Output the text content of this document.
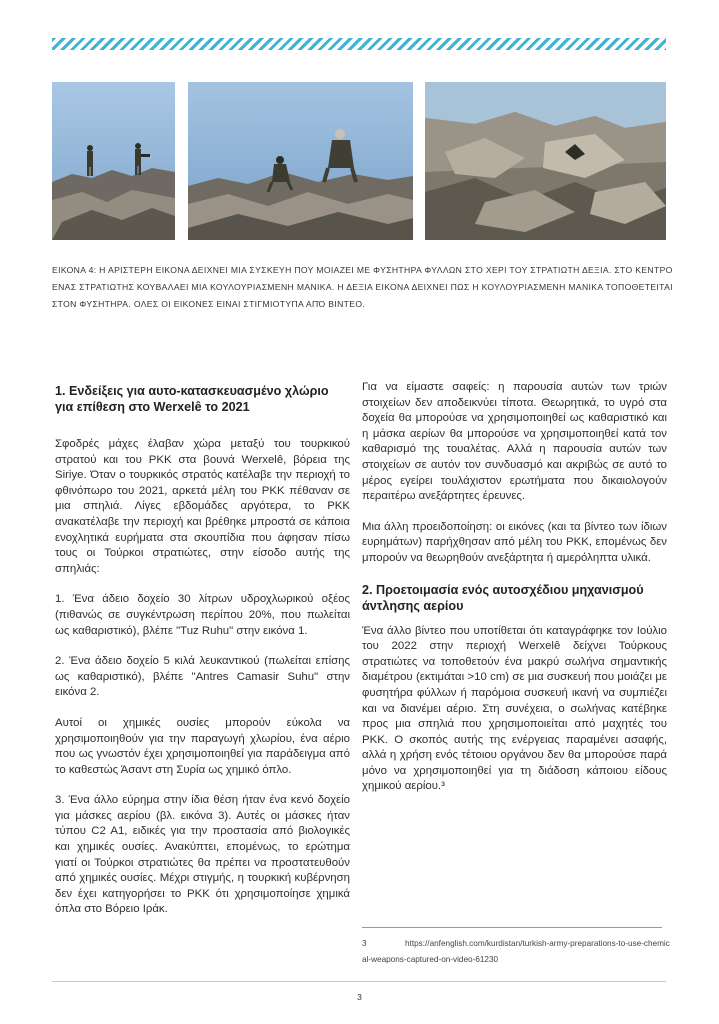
ΕΙΚΟΝΑ 4: Η ΑΡΙΣΤΕΡΗ ΕΙΚΟΝΑ ΔΕΙΧΝΕΙ ΜΙΑ ΣΥΣΚΕΥΗ ΠΟΥ ΜΟΙΑΖΕΙ ΜΕ ΦΥΣΗΤΗΡΑ ΦΥΛΛΩΝ ΣΤΟ ΧΕΡΙ ΤΟΥ ΣΤΡΑΤΙΩΤΗ ΔΕΞΙΑ. ΣΤΟ ΚΕΝΤΡΟ ΕΝΑΣ ΣΤΡΑΤΙΩΤΗΣ ΚΟΥΒΑΛΑΕΙ ΜΙΑ ΚΟΥΛΟΥΡΙΑΣΜΕΝΗ ΜΑΝΙΚΑ. Η ΔΕΞΙΑ ΕΙΚΟΝΑ ΔΕΙΧΝΕΙ ΠΩΣ Η ΚΟΥΛΟΥΡΙΑΣΜΕΝΗ ΜΑΝΙΚΑ ΤΟΠΟΘΕΤΕΙΤΑΙ ΣΤΟΝ ΦΥΣΗΤΗΡΑ. ΟΛΕΣ ΟΙ ΕΙΚΟΝΕΣ ΕΙΝΑΙ ΣΤΙΓΜΙΟΤΥΠΑ ΑΠΌ ΒΙΝΤΕΟ.
1. Ενδείξεις για αυτο-κατασκευασμένο χλώριο για επίθεση στο Werxelê το 2021

Σφοδρές μάχες έλαβαν χώρα μεταξύ του τουρκικού στρατού και του PKK στα βουνά Werxelê, βόρεια της Siriye. Όταν ο τουρκικός στρατός κατέλαβε την περιοχή το φθινόπωρο του 2021, αρκετά μέλη του PKK πέθαναν σε μια σπηλιά. Λίγες εβδομάδες αργότερα, το PKK ανακατέλαβε την περιοχή και βρέθηκε μπροστά σε κάποια ενοχλητικά ευρήματα στα σκουπίδια που άφησαν πίσω τους οι Τούρκοι στρατιώτες, στην είσοδο αυτής της σπηλιάς:

1. Ένα άδειο δοχείο 30 λίτρων υδροχλωρικού οξέος (πιθανώς σε συγκέντρωση περίπου 20%, που πωλείται ως καθαριστικό), βλέπε "Tuz Ruhu" στην εικόνα 1.

2. Ένα άδειο δοχείο 5 κιλά λευκαντικού (πωλείται επίσης ως καθαριστικό), βλέπε "Antres Camasir Suhu" στην εικόνα 2.

Αυτοί οι χημικές ουσίες μπορούν εύκολα να χρησιμοποιηθούν για την παραγωγή χλωρίου, ένα αέριο που ως γνωστόν έχει χρησιμοποιηθεί για παράδειγμα από το καθεστώς Άσαντ στη Συρία ως χημικό όπλο.

3. Ένα άλλο εύρημα στην ίδια θέση ήταν ένα κενό δοχείο για μάσκες αερίου (βλ. εικόνα 3). Αυτές οι μάσκες ήταν τύπου C2 A1, ειδικές για την προστασία από βιολογικές και χημικές ουσίες. Ανακύπτει, επομένως, το ερώτημα γιατί οι Τούρκοι στρατιώτες θα πρέπει να προστατευθούν από χημικές ουσίες. Μέχρι στιγμής, η τουρκική κυβέρνηση δεν έχει κατηγορήσει το PKK ότι χρησιμοποίησε χημικά όπλα στο Βόρειο Ιράκ.

Για να είμαστε σαφείς: η παρουσία αυτών των τριών στοιχείων δεν αποδεικνύει τίποτα. Θεωρητικά, το υγρό στα δοχεία θα μπορούσε να χρησιμοποιηθεί ως καθαριστικό και η μάσκα αερίων θα μπορούσε να χρησιμοποιηθεί κατά τον καθαρισμό της τουαλέτας. Αλλά η παρουσία αυτών των στοιχείων σε αυτόν τον συνδυασμό και ακριβώς σε αυτό το μέρος εγείρει τουλάχιστον ερωτήματα που δικαιολογούν περαιτέρω ανεξάρτητες έρευνες.

Μια άλλη προειδοποίηση: οι εικόνες (και τα βίντεο των ίδιων ευρημάτων) παρήχθησαν από μέλη του PKK, επομένως δεν μπορούν να θεωρηθούν ανεξάρτητα ή αμερόληπτα υλικά.

2. Προετοιμασία ενός αυτοσχέδιου μηχανισμού άντλησης αερίου

Ένα άλλο βίντεο που υποτίθεται ότι καταγράφηκε τον Ιούλιο του 2022 στην περιοχή Werxelê δείχνει Τούρκους στρατιώτες να τοποθετούν ένα μακρύ σωλήνα σημαντικής διαμέτρου (εκτιμάται >10 cm) σε μια συσκευή που μοιάζει με φυσητήρα φύλλων ή παρόμοια συσκευή ικανή να συμπιέζει και να διανέμει αέριο. Στη συνέχεια, ο σωλήνας κατέβηκε προς μια σπηλιά που χρησιμοποιείται από μαχητές του PKK. Ο σκοπός αυτής της ενέργειας παραμένει ασαφής, αλλά η χρήση ενός τέτοιου οργάνου δεν θα μπορούσε παρά μόνο να χρησιμοποιηθεί για τη διάδοση κάποιου είδους χημικού αερίου.³

3	https://anfenglish.com/kurdistan/turkish-army-preparations-to-use-chemical-weapons-captured-on-video-61230
3
